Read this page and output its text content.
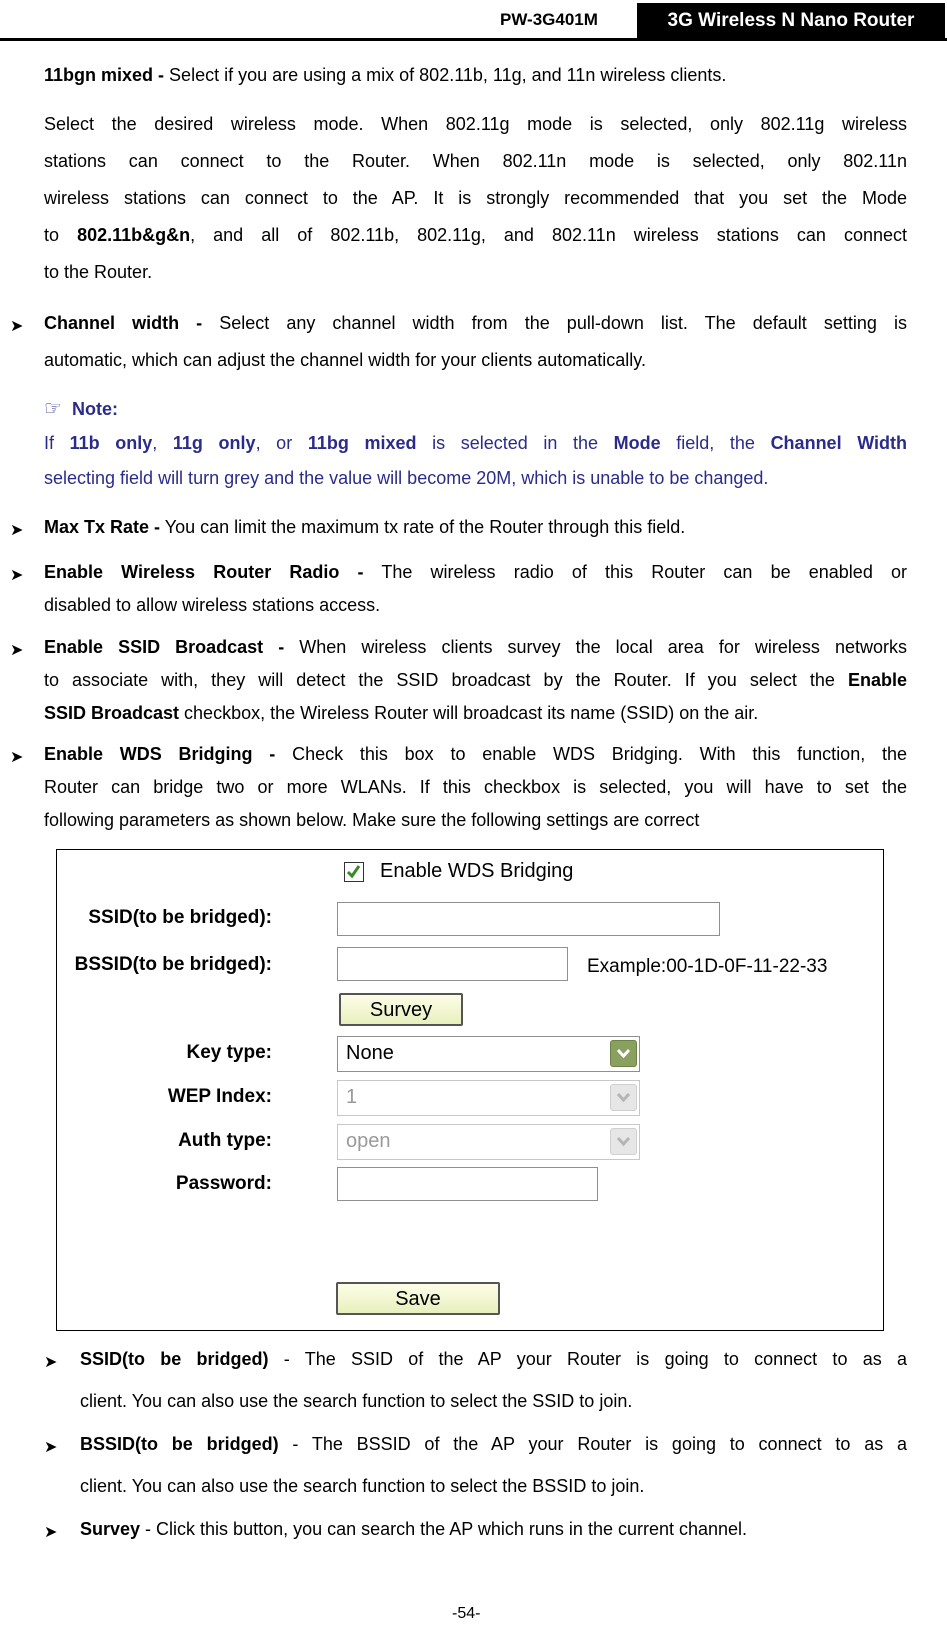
PW-3G401M	3G Wireless N Nano Router
11bgn mixed - Select if you are using a mix of 802.11b, 11g, and 11n wireless clients.
Select the desired wireless mode. When 802.11g mode is selected, only 802.11g wireless
stations can connect to the Router. When 802.11n mode is selected, only 802.11n
wireless stations can connect to the AP. It is strongly recommended that you set the Mode
to 802.11b&g&n, and all of 802.11b, 802.11g, and 802.11n wireless stations can connect
to the Router.
➤ Channel width - Select any channel width from the pull-down list. The default setting is
automatic, which can adjust the channel width for your clients automatically.
☞ Note:
If 11b only, 11g only, or 11bg mixed is selected in the Mode field, the Channel Width
selecting field will turn grey and the value will become 20M, which is unable to be changed.
➤ Max Tx Rate - You can limit the maximum tx rate of the Router through this field.
➤ Enable Wireless Router Radio - The wireless radio of this Router can be enabled or
disabled to allow wireless stations access.
➤ Enable SSID Broadcast - When wireless clients survey the local area for wireless networks
to associate with, they will detect the SSID broadcast by the Router. If you select the Enable
SSID Broadcast checkbox, the Wireless Router will broadcast its name (SSID) on the air.
➤ Enable WDS Bridging - Check this box to enable WDS Bridging. With this function, the
Router can bridge two or more WLANs. If this checkbox is selected, you will have to set the
following parameters as shown below. Make sure the following settings are correct
Enable WDS Bridging
SSID(to be bridged):
BSSID(to be bridged):	Example:00-1D-0F-11-22-33
Survey
Key type:	None
WEP Index:	1
Auth type:	open
Password:
Save
➤ SSID(to be bridged) - The SSID of the AP your Router is going to connect to as a
client. You can also use the search function to select the SSID to join.
➤ BSSID(to be bridged) - The BSSID of the AP your Router is going to connect to as a
client. You can also use the search function to select the BSSID to join.
➤ Survey - Click this button, you can search the AP which runs in the current channel.
-54-
